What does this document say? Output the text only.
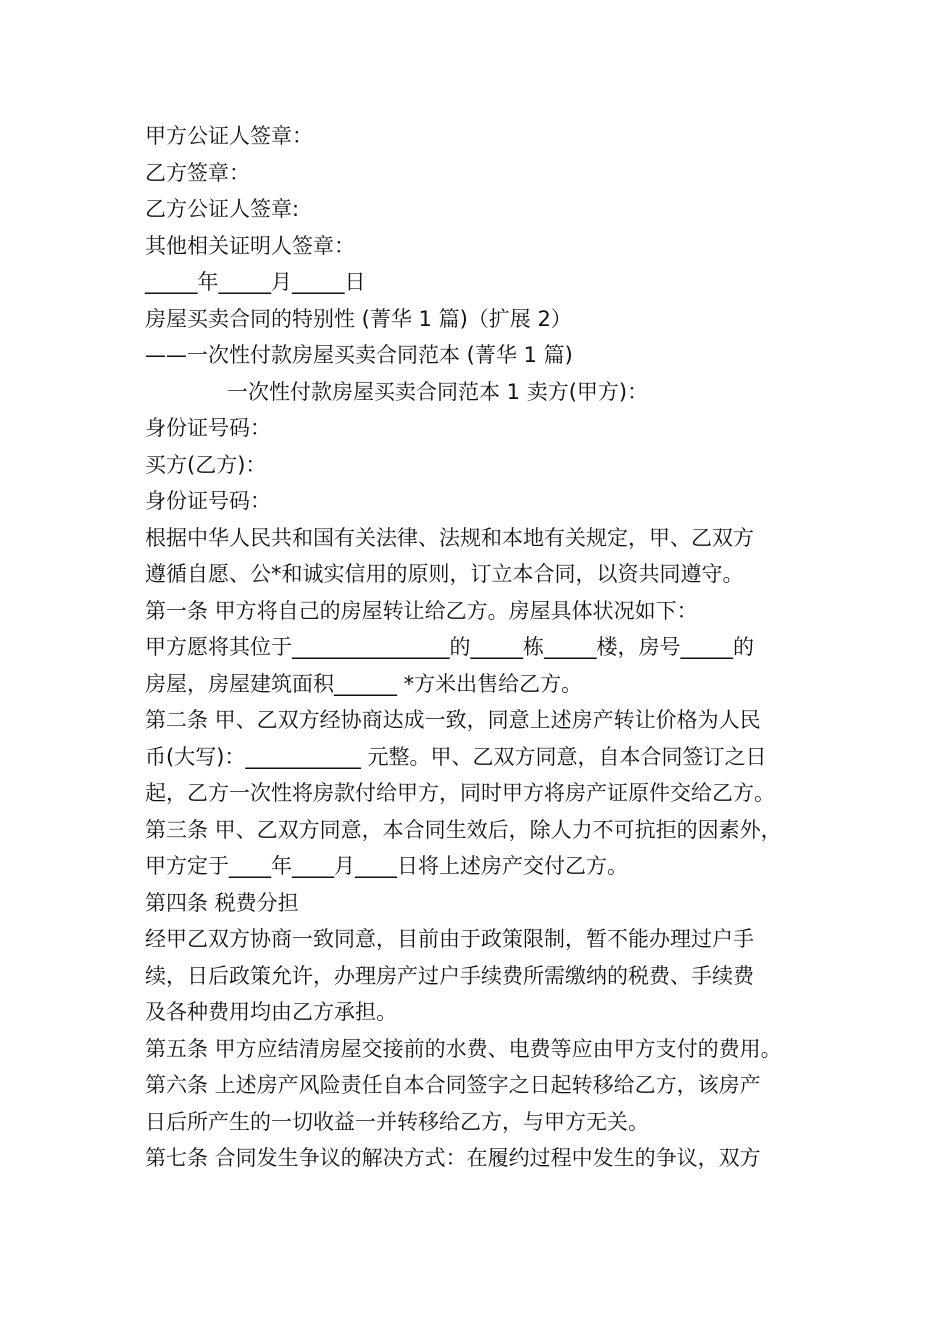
甲方公证人签章：
乙方签章：
乙方公证人签章:
其他相关证明人签章：
_____年_____月_____日
房屋买卖合同的特别性 (菁华 1 篇)（扩展 2）
——一次性付款房屋买卖合同范本 (菁华 1 篇)
一次性付款房屋买卖合同范本 1 卖方(甲方)：
身份证号码：
买方(乙方)：
身份证号码：
根据中华人民共和国有关法律、法规和本地有关规定，甲、乙双方
遵循自愿、公*和诚实信用的原则，订立本合同，以资共同遵守。
第一条 甲方将自己的房屋转让给乙方。房屋具体状况如下：
甲方愿将其位于_______________的_____栋_____楼，房号_____的
房屋，房屋建筑面积______ *方米出售给乙方。
第二条 甲、乙双方经协商达成一致，同意上述房产转让价格为人民
币(大写)：___________ 元整。甲、乙双方同意，自本合同签订之日
起，乙方一次性将房款付给甲方，同时甲方将房产证原件交给乙方。
第三条 甲、乙双方同意，本合同生效后，除人力不可抗拒的因素外，
甲方定于____年____月____日将上述房产交付乙方。
第四条 税费分担
经甲乙双方协商一致同意，目前由于政策限制，暂不能办理过户手
续，日后政策允许，办理房产过户手续费所需缴纳的税费、手续费
及各种费用均由乙方承担。
第五条 甲方应结清房屋交接前的水费、电费等应由甲方支付的费用。
第六条 上述房产风险责任自本合同签字之日起转移给乙方，该房产
日后所产生的一切收益一并转移给乙方，与甲方无关。
第七条 合同发生争议的解决方式：在履约过程中发生的争议，双方
